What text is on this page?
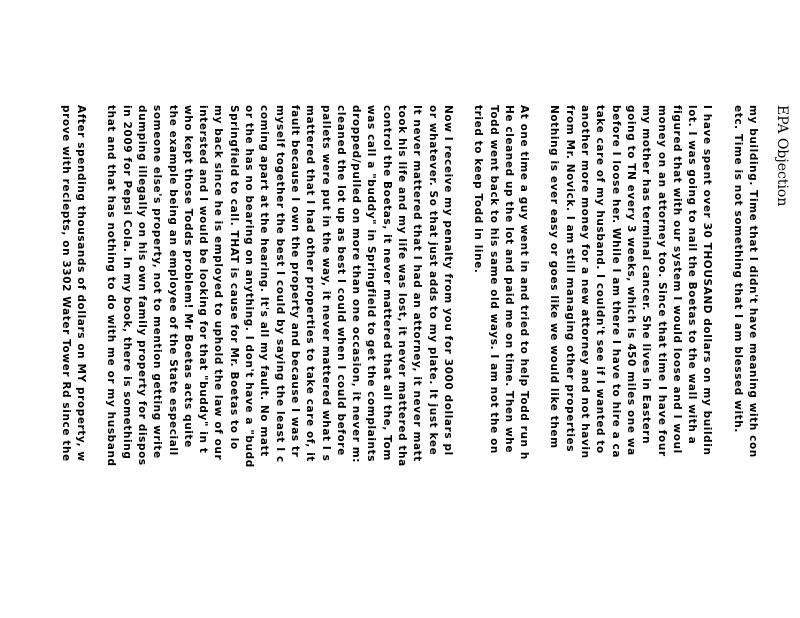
EPA Objection
my building. Time that I didn't have meaning with con
etc. Time is not something that I am blessed with.
I have spent over 30 THOUSAND dollars on my buildin
lot. I was going to nail the Boetas to the wall with a
figured that with our system I would loose and I woul
money on an attorney too. Since that time I have four
my mother has terminal cancer. She lives in Eastern
going to TN every 3 weeks, which is 450 miles one wa
before I loose her. While I am there I have to hire a ca
take care of my husband. I couldn't see if I wanted to
another more money for a new attorney and not havin
from Mr. Novick. I am still managing other properties
Nothing is ever easy or goes like we would like them
At one time a guy went in and tried to help Todd run h
He cleaned up the lot and paid me on time. Then whe
Todd went back to his same old ways. I am not the on
tried to keep Todd in line.
Now I receive my penalty from you for 3000 dollars pl
or whatever. So that just adds to my plate. It just kee
It never mattered that I had an attorney, it never matt
took his life and my life was lost, it never mattered tha
control the Boetas, it never mattered that all the, Tom
was call a "buddy" in Springfield to get the complaints
dropped/pulled on more than one occasion, it never m:
cleaned the lot up as best I could when I could before
pallets were put in the way, it never mattered what I s
mattered that I had other properties to take care of, it
fault because I own the property and because I was tr
myself together the best I could by saying the least I c
coming apart at the hearing. It's all my fault. No matt
or the has no bearing on anything. I don't have a "budd
Springfield to call. THAT is cause for Mr. Boetas to lo
my back since he is employed to uphold the law of our
intersted and I would be looking for that "buddy" in t
who kept those Todds problem! Mr Boetas acts quite
the example being an employee of the State especiall
someone else's property, not to mention getting write
dumping illegally on his own family property for dispos
in 2009 for Pepsi Cola. In my book, there is something
that and that has nothing to do with me or my husband
After spending thousands of dollars on MY property, w
prove with reciepts, on 3302 Water Tower Rd since the
